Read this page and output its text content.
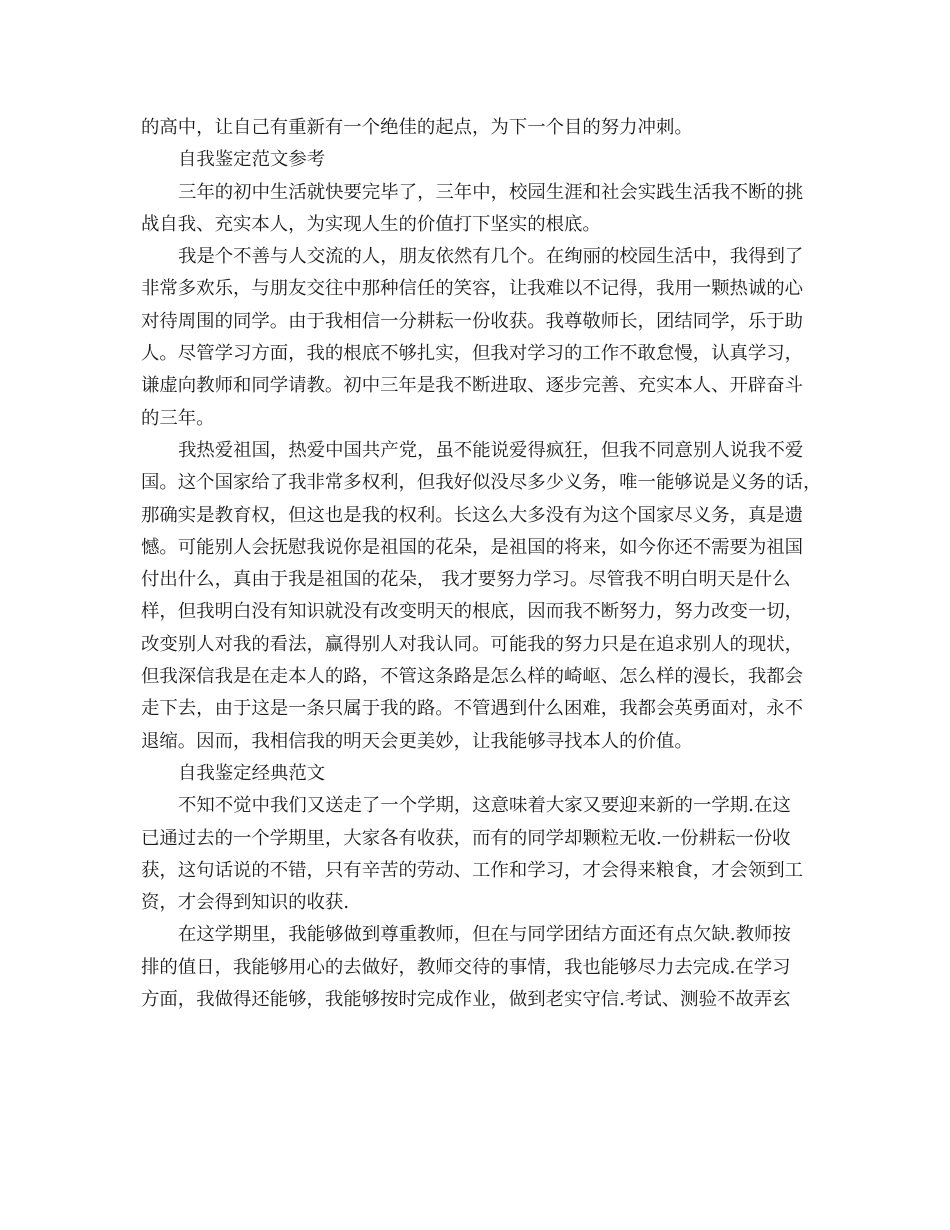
的高中，让自己有重新有一个绝佳的起点，为下一个目的努力冲刺。
自我鉴定范文参考
三年的初中生活就快要完毕了，三年中，校园生涯和社会实践生活我不断的挑
战自我、充实本人，为实现人生的价值打下坚实的根底。
我是个不善与人交流的人，朋友依然有几个。在绚丽的校园生活中，我得到了
非常多欢乐，与朋友交往中那种信任的笑容，让我难以不记得，我用一颗热诚的心
对待周围的同学。由于我相信一分耕耘一份收获。我尊敬师长，团结同学，乐于助
人。尽管学习方面，我的根底不够扎实，但我对学习的工作不敢怠慢，认真学习，
谦虚向教师和同学请教。初中三年是我不断进取、逐步完善、充实本人、开辟奋斗
的三年。
我热爱祖国，热爱中国共产党，虽不能说爱得疯狂，但我不同意别人说我不爱
国。这个国家给了我非常多权利，但我好似没尽多少义务，唯一能够说是义务的话，
那确实是教育权，但这也是我的权利。长这么大多没有为这个国家尽义务，真是遗
憾。可能别人会抚慰我说你是祖国的花朵，是祖国的将来，如今你还不需要为祖国
付出什么，真由于我是祖国的花朵， 我才要努力学习。尽管我不明白明天是什么
样，但我明白没有知识就没有改变明天的根底，因而我不断努力，努力改变一切，
改变别人对我的看法，赢得别人对我认同。可能我的努力只是在追求别人的现状，
但我深信我是在走本人的路，不管这条路是怎么样的崎岖、怎么样的漫长，我都会
走下去，由于这是一条只属于我的路。不管遇到什么困难，我都会英勇面对，永不
退缩。因而，我相信我的明天会更美妙，让我能够寻找本人的价值。
自我鉴定经典范文
不知不觉中我们又送走了一个学期，这意味着大家又要迎来新的一学期.在这
已通过去的一个学期里，大家各有收获，而有的同学却颗粒无收.一份耕耘一份收
获，这句话说的不错，只有辛苦的劳动、工作和学习，才会得来粮食，才会领到工
资，才会得到知识的收获.
在这学期里，我能够做到尊重教师，但在与同学团结方面还有点欠缺.教师按
排的值日，我能够用心的去做好，教师交待的事情，我也能够尽力去完成.在学习
方面，我做得还能够，我能够按时完成作业，做到老实守信.考试、测验不故弄玄
